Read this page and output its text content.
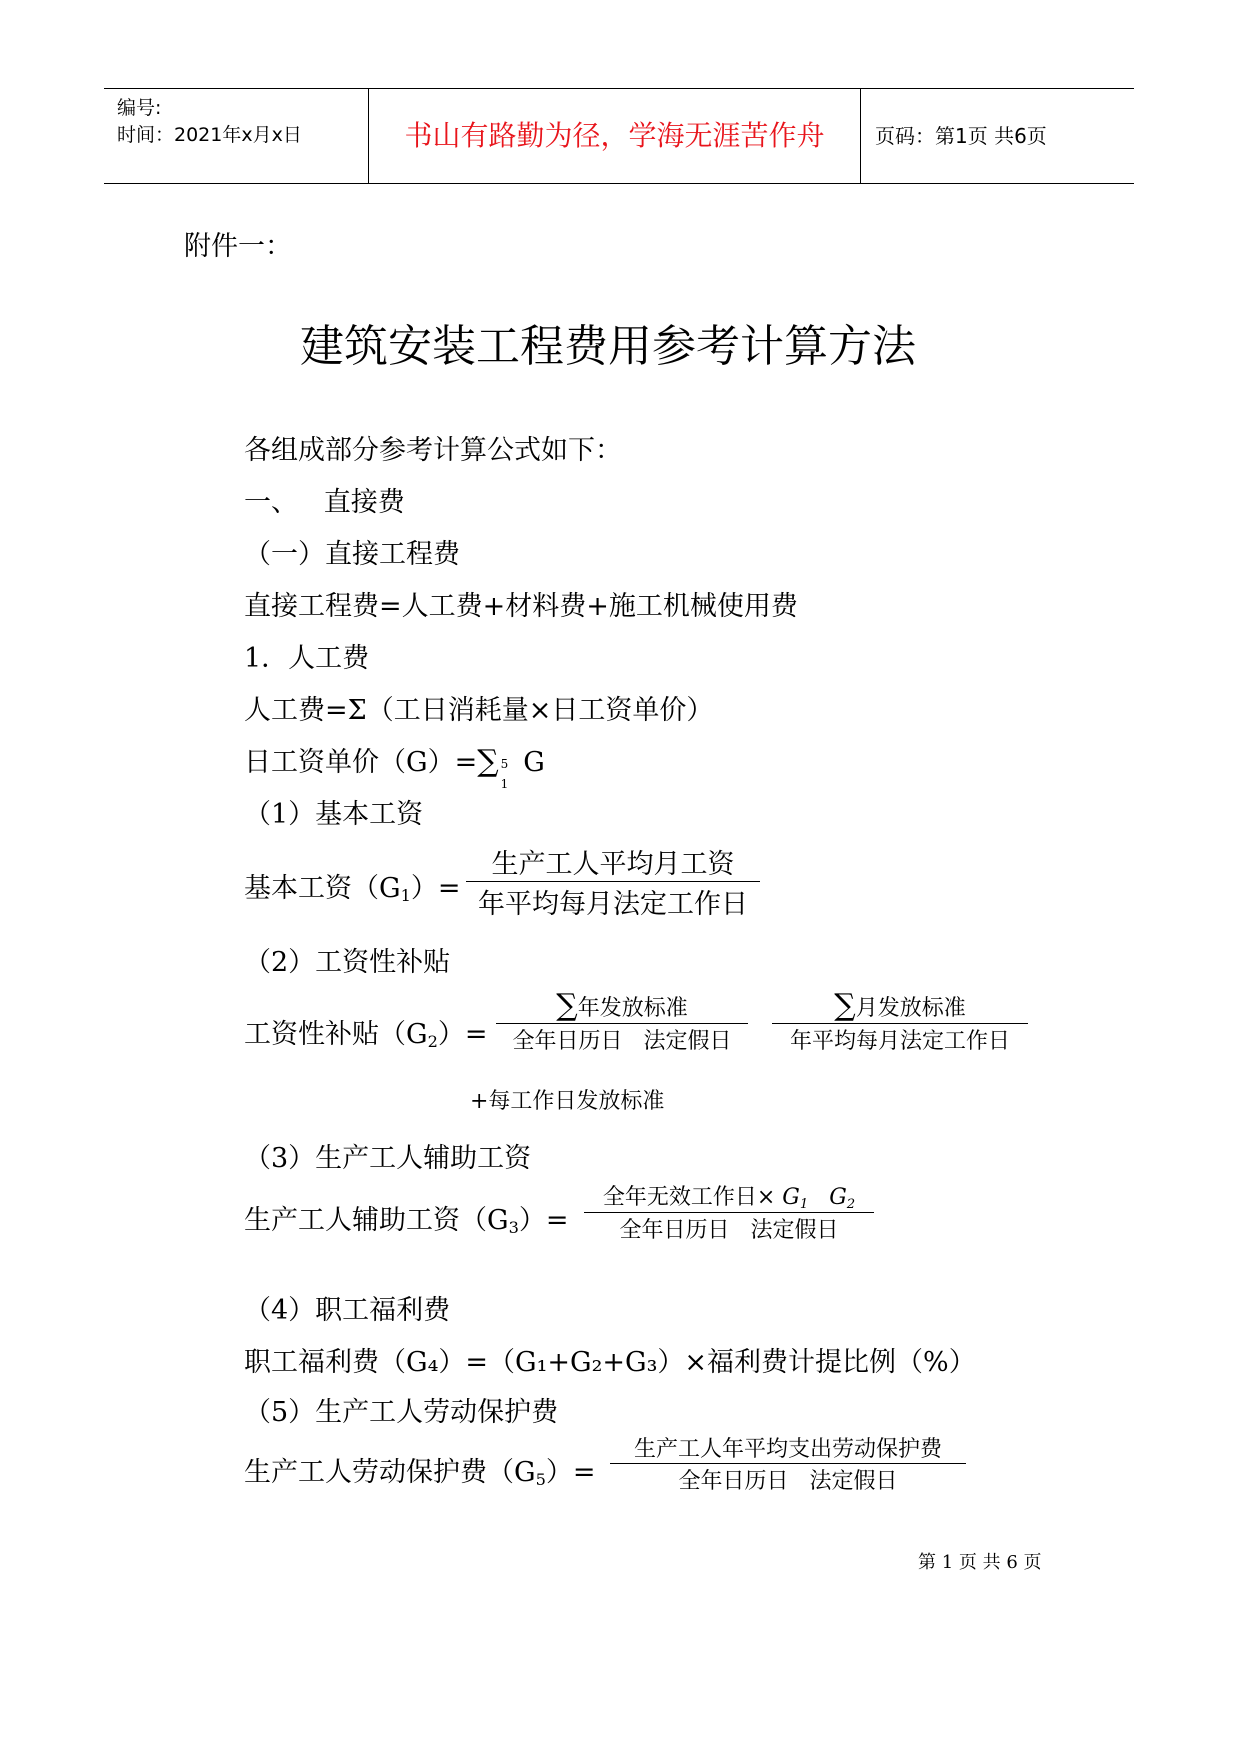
编号:
时间：2021年x月x日	书山有路勤为径，学海无涯苦作舟	页码：第1页 共6页
附件一：
建筑安装工程费用参考计算方法
各组成部分参考计算公式如下：
一、   直接费
（一）直接工程费
直接工程费=人工费+材料费+施工机械使用费
1．人工费
人工费=Σ（工日消耗量×日工资单价）
日工资单价（G）=∑ 5
1
G
（1）基本工资
基本工资$(G_1)=$
生产工人平均月工资
年平均每月法定工作日
（2）工资性补贴
工资性补贴$(G_2)=$
∑年发放标准
全年日历日   法定假日
∑月发放标准
年平均每月法定工作日
+每工作日发放标准
（3）生产工人辅助工资
生产工人辅助工资$(G_3)=$
全年无效工作日× $G_1$ $G_2$
全年日历日   法定假日
（4）职工福利费
职工福利费（G₄）=（G₁+G₂+G₃）×福利费计提比例（%）
（5）生产工人劳动保护费
生产工人劳动保护费$(G_5)=$
生产工人年平均支出劳动保护费
全年日历日   法定假日
第 1 页 共 6 页
